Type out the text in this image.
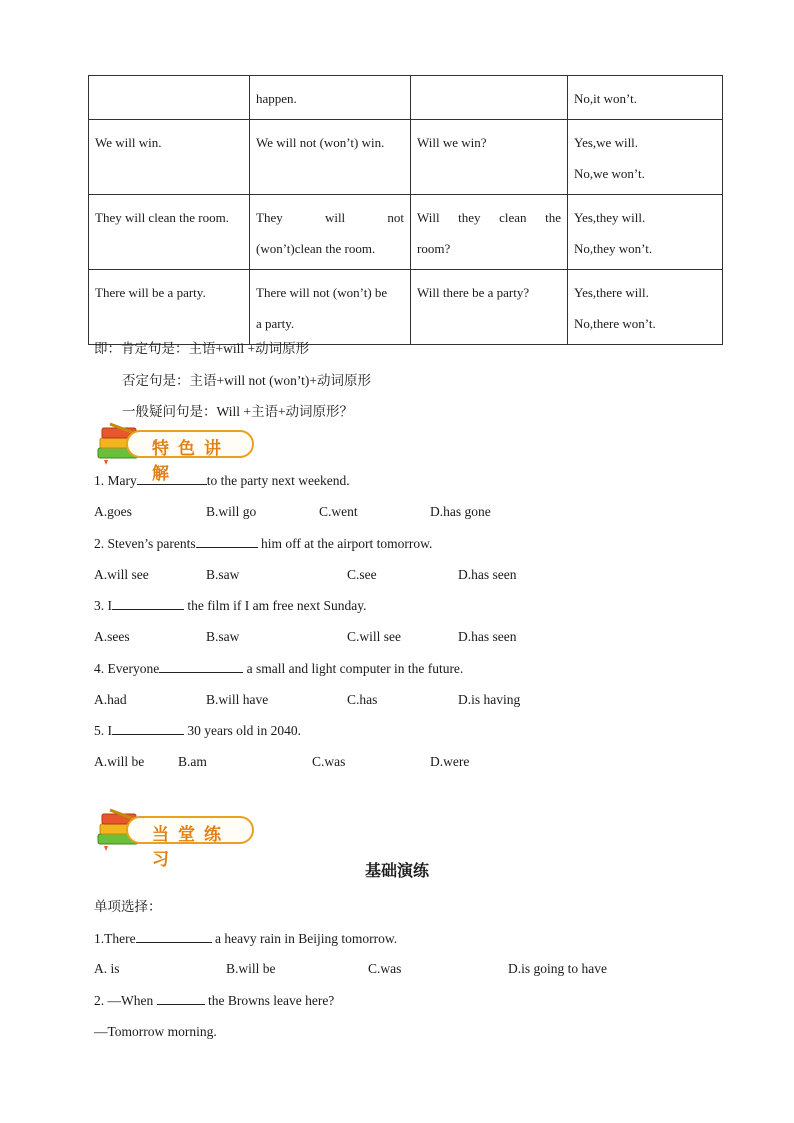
	happen.		No,it won’t.

We will win.	We will not (won’t) win.	Will we win?	Yes,we will.
No,we won’t.

They will clean the room.	They will not
(won’t)clean the room.	Will they clean the
room?	Yes,they will.
No,they won’t.

There will be a party.	There will not (won’t) be
a party.	Will there be a party?	Yes,there will.
No,there won’t.
即：肯定句是：主语+will +动词原形
否定句是：主语+will not (won’t)+动词原形
一般疑问句是：Will +主语+动词原形？
特色讲解
1. Mary	to the party next weekend.
A.goes	B.will go	C.went	D.has gone
2. Steven’s parents	him off at the airport tomorrow.
A.will see	B.saw	C.see	D.has seen
3. I	the film if I am free next Sunday.
A.sees	B.saw	C.will see	D.has seen
4. Everyone	a small and light computer in the future.
A.had	B.will have	C.has	D.is having
5. I	30 years old in 2040.
A.will be	B.am	C.was	D.were
当堂练习
基础演练
单项选择：
1.There	a heavy rain in Beijing tomorrow.
A. is	B.will be	C.was	D.is going to have
2. —When	the Browns leave here?
—Tomorrow morning.
